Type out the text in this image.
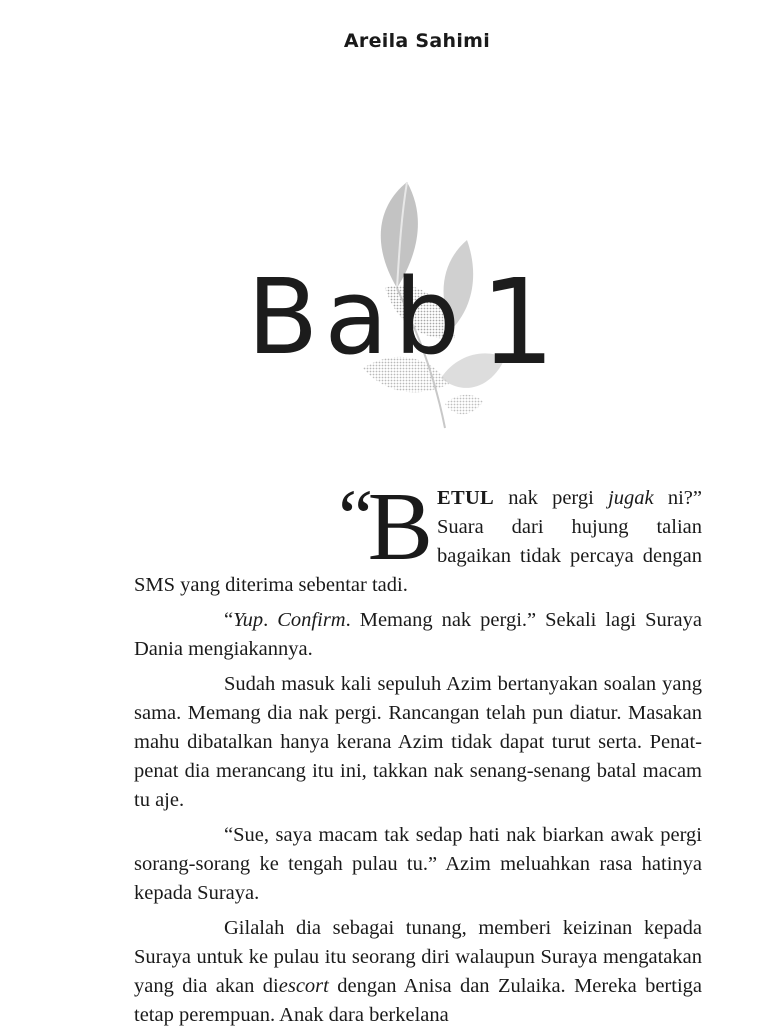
Areila Sahimi
Bab 1

“
B ETUL nak pergi jugak ni?” Suara dari hujung talian bagaikan tidak percaya dengan SMS yang diterima sebentar tadi.

“Yup. Confirm. Memang nak pergi.” Sekali lagi Suraya Dania mengiakannya.

Sudah masuk kali sepuluh Azim bertanyakan soalan yang sama. Memang dia nak pergi. Rancangan telah pun diatur. Masakan mahu dibatalkan hanya kerana Azim tidak dapat turut serta. Penat-penat dia merancang itu ini, takkan nak senang-senang batal macam tu aje.

“Sue, saya macam tak sedap hati nak biarkan awak pergi sorang-sorang ke tengah pulau tu.” Azim meluahkan rasa hatinya kepada Suraya.

Gilalah dia sebagai tunang, memberi keizinan kepada Suraya untuk ke pulau itu seorang diri walaupun Suraya mengatakan yang dia akan diescort dengan Anisa dan Zulaika. Mereka bertiga tetap perempuan. Anak dara berkelana
